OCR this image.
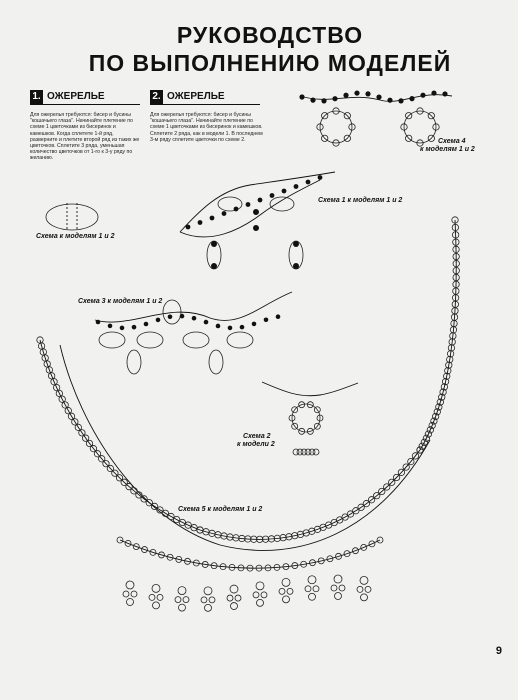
РУКОВОДСТВО
ПО ВЫПОЛНЕНИЮ МОДЕЛЕЙ
1. ОЖЕРЕЛЬЕ
Для ожерелья требуются: бисер и бусины "кошачьего глаза". Начинайте плетение по схеме 1 цветочками из бисеринок и камешков. Когда сплетете 1-й ряд, разверните и плетите второй ряд из таких же цветочков. Сплетите 3 ряда, уменьшая количество цветочков от 1-го к 3-у ряду по желанию.
2. ОЖЕРЕЛЬЕ
Для ожерелья требуются: бисер и бусины "кошачьего глаза". Начинайте плетение по схеме 1 цветочками из бисеринок и камешков. Сплетите 2 ряда, как в модели 1. В последнем 3-м ряду сплетите цветочки по схеме 2.	Схема 4
к моделям 1 и 2
Схема 1 к моделям 1 и 2
Схема к моделям 1 и 2
Схема 3 к моделям 1 и 2
Схема 2
к модели 2
Схема 5 к моделям 1 и 2
9
